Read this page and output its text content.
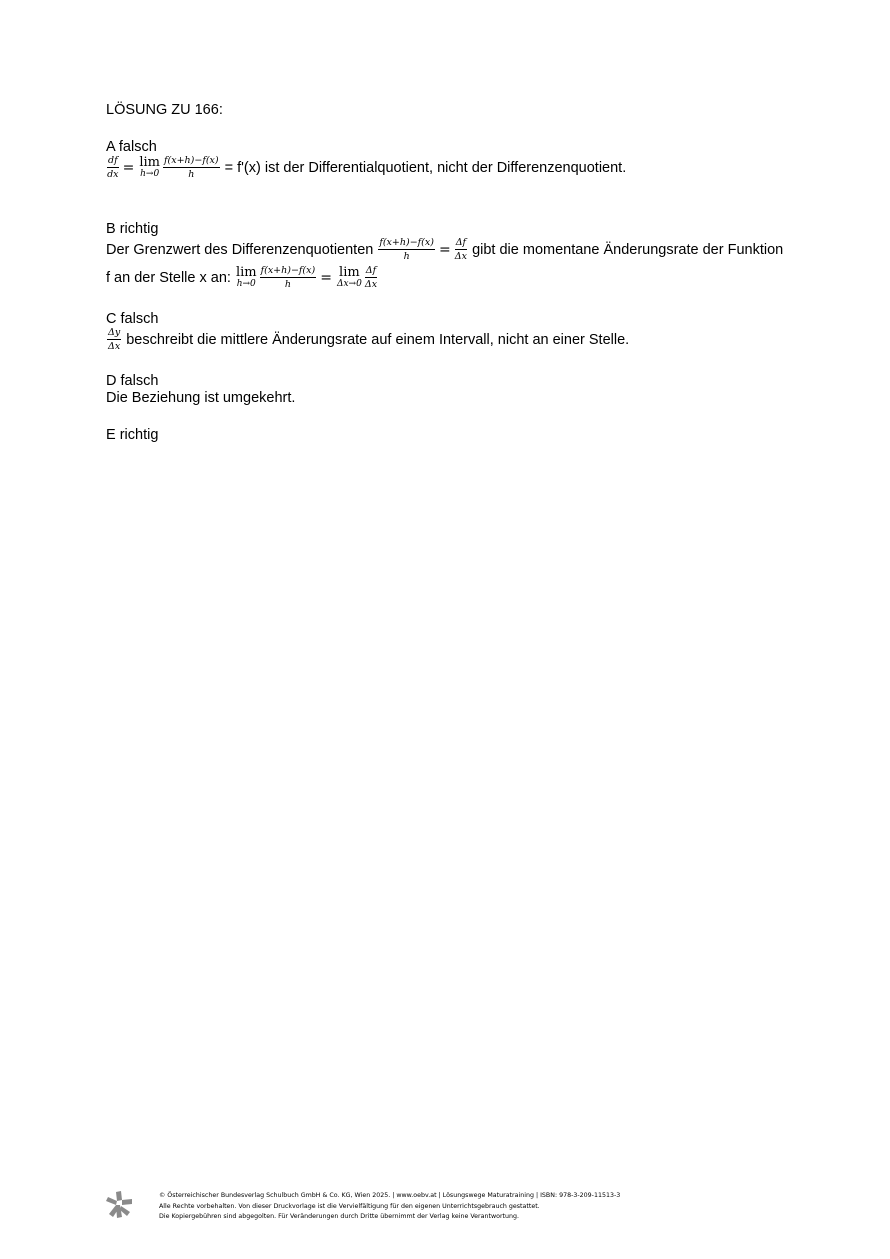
LÖSUNG ZU 166:
A falsch
$\frac{df}{dx} = \lim$
$h\to 0 \frac{f(x+h)-f(x)}{h} = f'(x)$ ist der Differentialquotient, nicht der Differenzenquotient.
B richtig
Der Grenzwert des Differenzenquotienten $\frac{f(x+h)-f(x)}{h} = \frac{\Delta f}{\Delta x}$ gibt die momentane Änderungsrate der Funktion
f an der Stelle x an: lim
$h\to 0 \frac{f(x+h)-f(x)}{h} = \lim$
$\Delta x\to 0 \frac{\Delta f}{\Delta x}$
C falsch
$\frac{\Delta y}{\Delta x}$ beschreibt die mittlere Änderungsrate auf einem Intervall, nicht an einer Stelle.
D falsch
Die Beziehung ist umgekehrt.
E richtig
© Österreichischer Bundesverlag Schulbuch GmbH & Co. KG, Wien 2025. | www.oebv.at | Lösungswege Maturatraining | ISBN: 978-3-209-11513-3
Alle Rechte vorbehalten. Von dieser Druckvorlage ist die Vervielfältigung für den eigenen Unterrichtsgebrauch gestattet.
Die Kopiergebühren sind abgegolten. Für Veränderungen durch Dritte übernimmt der Verlag keine Verantwortung.
